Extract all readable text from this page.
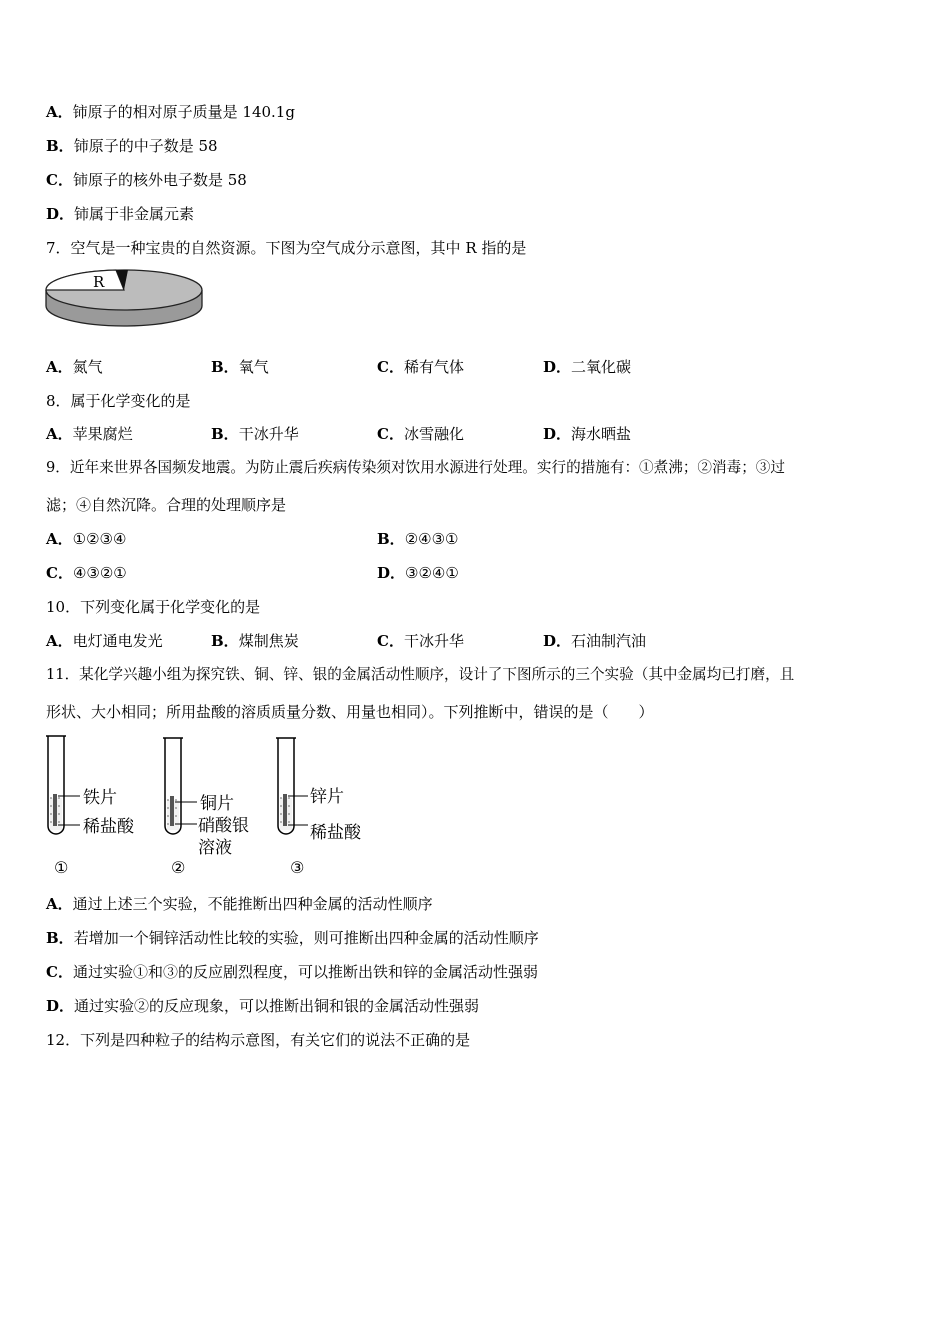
A．铈原子的相对原子质量是 140.1g
B．铈原子的中子数是 58
C．铈原子的核外电子数是 58
D．铈属于非金属元素
7．空气是一种宝贵的自然资源。下图为空气成分示意图，其中 R 指的是
R
A．氮气	B．氧气	C．稀有气体	D．二氧化碳
8．属于化学变化的是
A．苹果腐烂	B．干冰升华	C．冰雪融化	D．海水晒盐
9．近年来世界各国频发地震。为防止震后疾病传染须对饮用水源进行处理。实行的措施有：①煮沸；②消毒；③过
滤；④自然沉降。合理的处理顺序是
A．①②③④	B．②④③①
C．④③②①	D．③②④①
10．下列变化属于化学变化的是
A．电灯通电发光	B．煤制焦炭	C．干冰升华	D．石油制汽油
11．某化学兴趣小组为探究铁、铜、锌、银的金属活动性顺序，设计了下图所示的三个实验（其中金属均已打磨，且
形状、大小相同；所用盐酸的溶质质量分数、用量也相同）。下列推断中，错误的是（　　）
铁片
稀盐酸
①
铜片
硝酸银
溶液
②
锌片
稀盐酸
③
A．通过上述三个实验，不能推断出四种金属的活动性顺序
B．若增加一个铜锌活动性比较的实验，则可推断出四种金属的活动性顺序
C．通过实验①和③的反应剧烈程度，可以推断出铁和锌的金属活动性强弱
D．通过实验②的反应现象，可以推断出铜和银的金属活动性强弱
12．下列是四种粒子的结构示意图，有关它们的说法不正确的是
